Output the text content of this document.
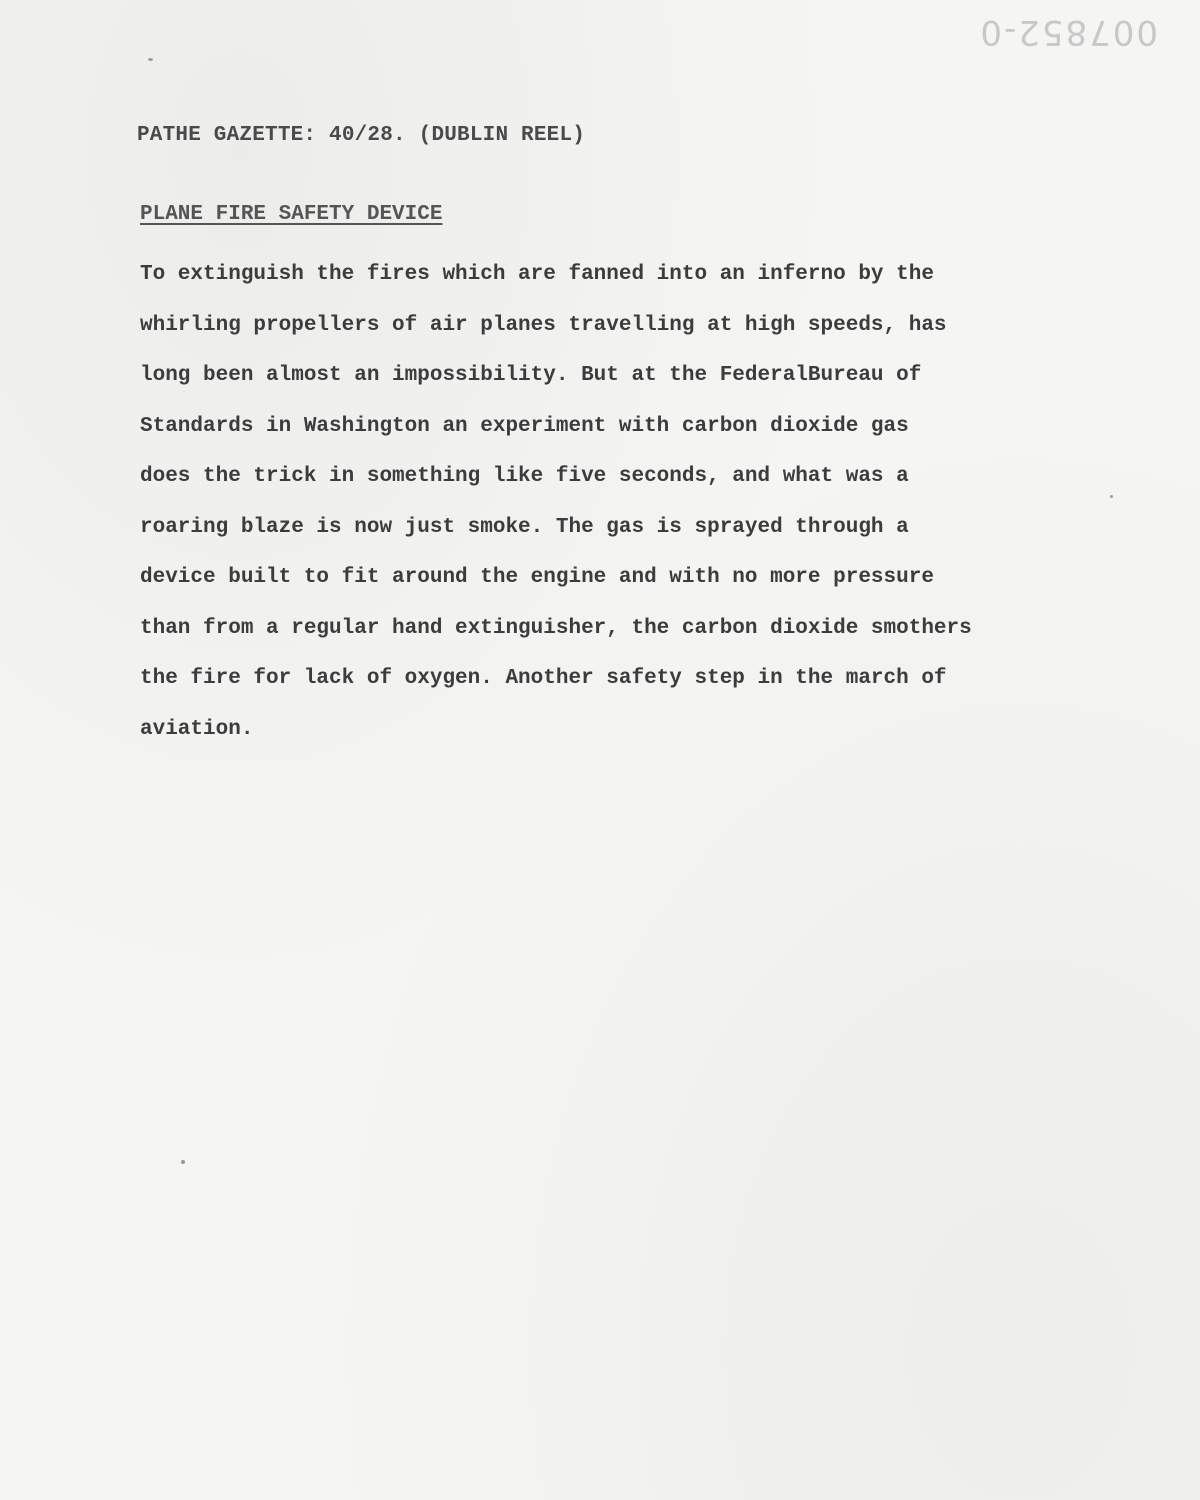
007852-0
PATHE GAZETTE: 40/28. (DUBLIN REEL)
PLANE FIRE SAFETY DEVICE

To extinguish the fires which are fanned into an inferno by the
whirling propellers of air planes travelling at high speeds, has
long been almost an impossibility. But at the FederalBureau of
Standards in Washington an experiment with carbon dioxide gas
does the trick in something like five seconds, and what was a
roaring blaze is now just smoke. The gas is sprayed through a
device built to fit around the engine and with no more pressure
than from a regular hand extinguisher, the carbon dioxide smothers
the fire for lack of oxygen. Another safety step in the march of
aviation.
